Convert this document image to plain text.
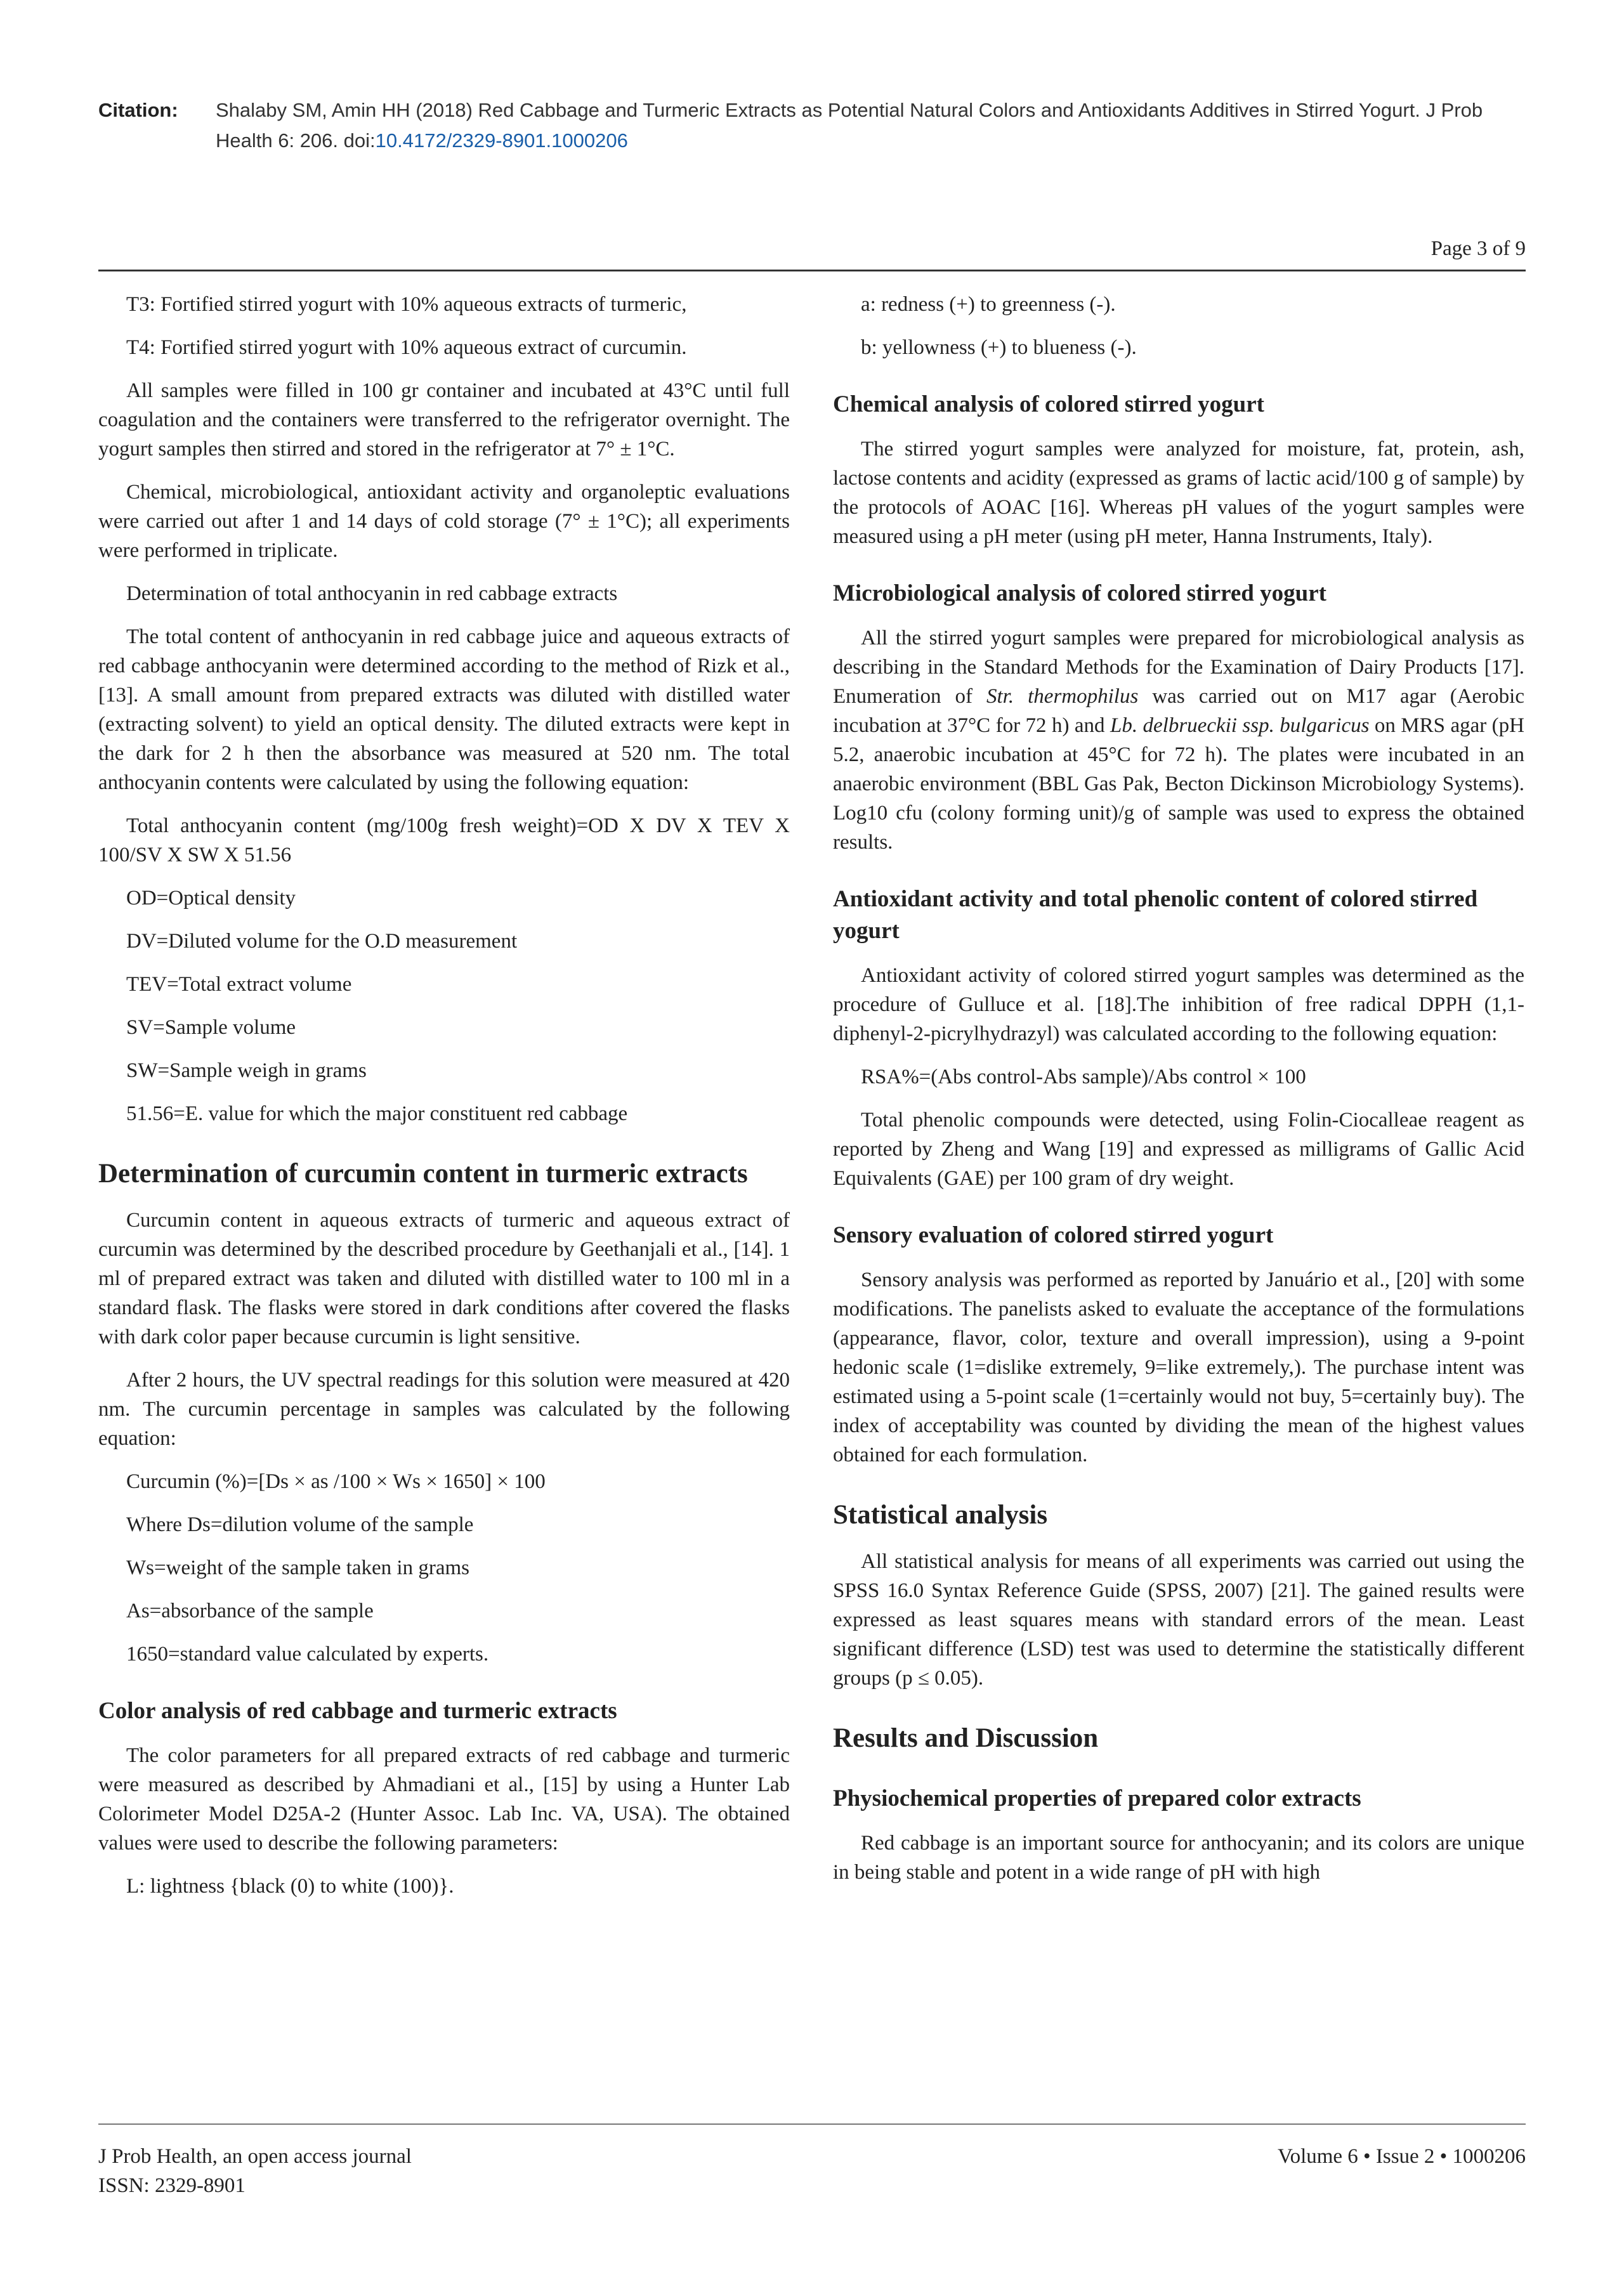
Citation: Shalaby SM, Amin HH (2018) Red Cabbage and Turmeric Extracts as Potential Natural Colors and Antioxidants Additives in Stirred Yogurt. J Prob Health 6: 206. doi:10.4172/2329-8901.1000206
Page 3 of 9

T3: Fortified stirred yogurt with 10% aqueous extracts of turmeric,

T4: Fortified stirred yogurt with 10% aqueous extract of curcumin.

All samples were filled in 100 gr container and incubated at 43°C until full coagulation and the containers were transferred to the refrigerator overnight. The yogurt samples then stirred and stored in the refrigerator at 7° ± 1°C.

Chemical, microbiological, antioxidant activity and organoleptic evaluations were carried out after 1 and 14 days of cold storage (7° ± 1°C); all experiments were performed in triplicate.

Determination of total anthocyanin in red cabbage extracts

The total content of anthocyanin in red cabbage juice and aqueous extracts of red cabbage anthocyanin were determined according to the method of Rizk et al., [13]. A small amount from prepared extracts was diluted with distilled water (extracting solvent) to yield an optical density. The diluted extracts were kept in the dark for 2 h then the absorbance was measured at 520 nm. The total anthocyanin contents were calculated by using the following equation:

Total anthocyanin content (mg/100g fresh weight)=OD X DV X TEV X 100/SV X SW X 51.56

OD=Optical density

DV=Diluted volume for the O.D measurement

TEV=Total extract volume

SV=Sample volume

SW=Sample weigh in grams

51.56=E. value for which the major constituent red cabbage

Determination of curcumin content in turmeric extracts

Curcumin content in aqueous extracts of turmeric and aqueous extract of curcumin was determined by the described procedure by Geethanjali et al., [14]. 1 ml of prepared extract was taken and diluted with distilled water to 100 ml in a standard flask. The flasks were stored in dark conditions after covered the flasks with dark color paper because curcumin is light sensitive.

After 2 hours, the UV spectral readings for this solution were measured at 420 nm. The curcumin percentage in samples was calculated by the following equation:

Curcumin (%)=[Ds × as /100 × Ws × 1650] × 100

Where Ds=dilution volume of the sample

Ws=weight of the sample taken in grams

As=absorbance of the sample

1650=standard value calculated by experts.

Color analysis of red cabbage and turmeric extracts

The color parameters for all prepared extracts of red cabbage and turmeric were measured as described by Ahmadiani et al., [15] by using a Hunter Lab Colorimeter Model D25A-2 (Hunter Assoc. Lab Inc. VA, USA). The obtained values were used to describe the following parameters:

L: lightness {black (0) to white (100)}.

a: redness (+) to greenness (-).

b: yellowness (+) to blueness (-).

Chemical analysis of colored stirred yogurt

The stirred yogurt samples were analyzed for moisture, fat, protein, ash, lactose contents and acidity (expressed as grams of lactic acid/100 g of sample) by the protocols of AOAC [16]. Whereas pH values of the yogurt samples were measured using a pH meter (using pH meter, Hanna Instruments, Italy).

Microbiological analysis of colored stirred yogurt

All the stirred yogurt samples were prepared for microbiological analysis as describing in the Standard Methods for the Examination of Dairy Products [17]. Enumeration of Str. thermophilus was carried out on M17 agar (Aerobic incubation at 37°C for 72 h) and Lb. delbrueckii ssp. bulgaricus on MRS agar (pH 5.2, anaerobic incubation at 45°C for 72 h). The plates were incubated in an anaerobic environment (BBL Gas Pak, Becton Dickinson Microbiology Systems). Log10 cfu (colony forming unit)/g of sample was used to express the obtained results.

Antioxidant activity and total phenolic content of colored stirred yogurt

Antioxidant activity of colored stirred yogurt samples was determined as the procedure of Gulluce et al. [18].The inhibition of free radical DPPH (1,1-diphenyl-2-picrylhydrazyl) was calculated according to the following equation:

RSA%=(Abs control-Abs sample)/Abs control × 100

Total phenolic compounds were detected, using Folin-Ciocalleae reagent as reported by Zheng and Wang [19] and expressed as milligrams of Gallic Acid Equivalents (GAE) per 100 gram of dry weight.

Sensory evaluation of colored stirred yogurt

Sensory analysis was performed as reported by Januário et al., [20] with some modifications. The panelists asked to evaluate the acceptance of the formulations (appearance, flavor, color, texture and overall impression), using a 9-point hedonic scale (1=dislike extremely, 9=like extremely,). The purchase intent was estimated using a 5-point scale (1=certainly would not buy, 5=certainly buy). The index of acceptability was counted by dividing the mean of the highest values obtained for each formulation.

Statistical analysis

All statistical analysis for means of all experiments was carried out using the SPSS 16.0 Syntax Reference Guide (SPSS, 2007) [21]. The gained results were expressed as least squares means with standard errors of the mean. Least significant difference (LSD) test was used to determine the statistically different groups (p ≤ 0.05).

Results and Discussion
Physiochemical properties of prepared color extracts

Red cabbage is an important source for anthocyanin; and its colors are unique in being stable and potent in a wide range of pH with high

J Prob Health, an open access journal
ISSN: 2329-8901
Volume 6 • Issue 2 • 1000206
